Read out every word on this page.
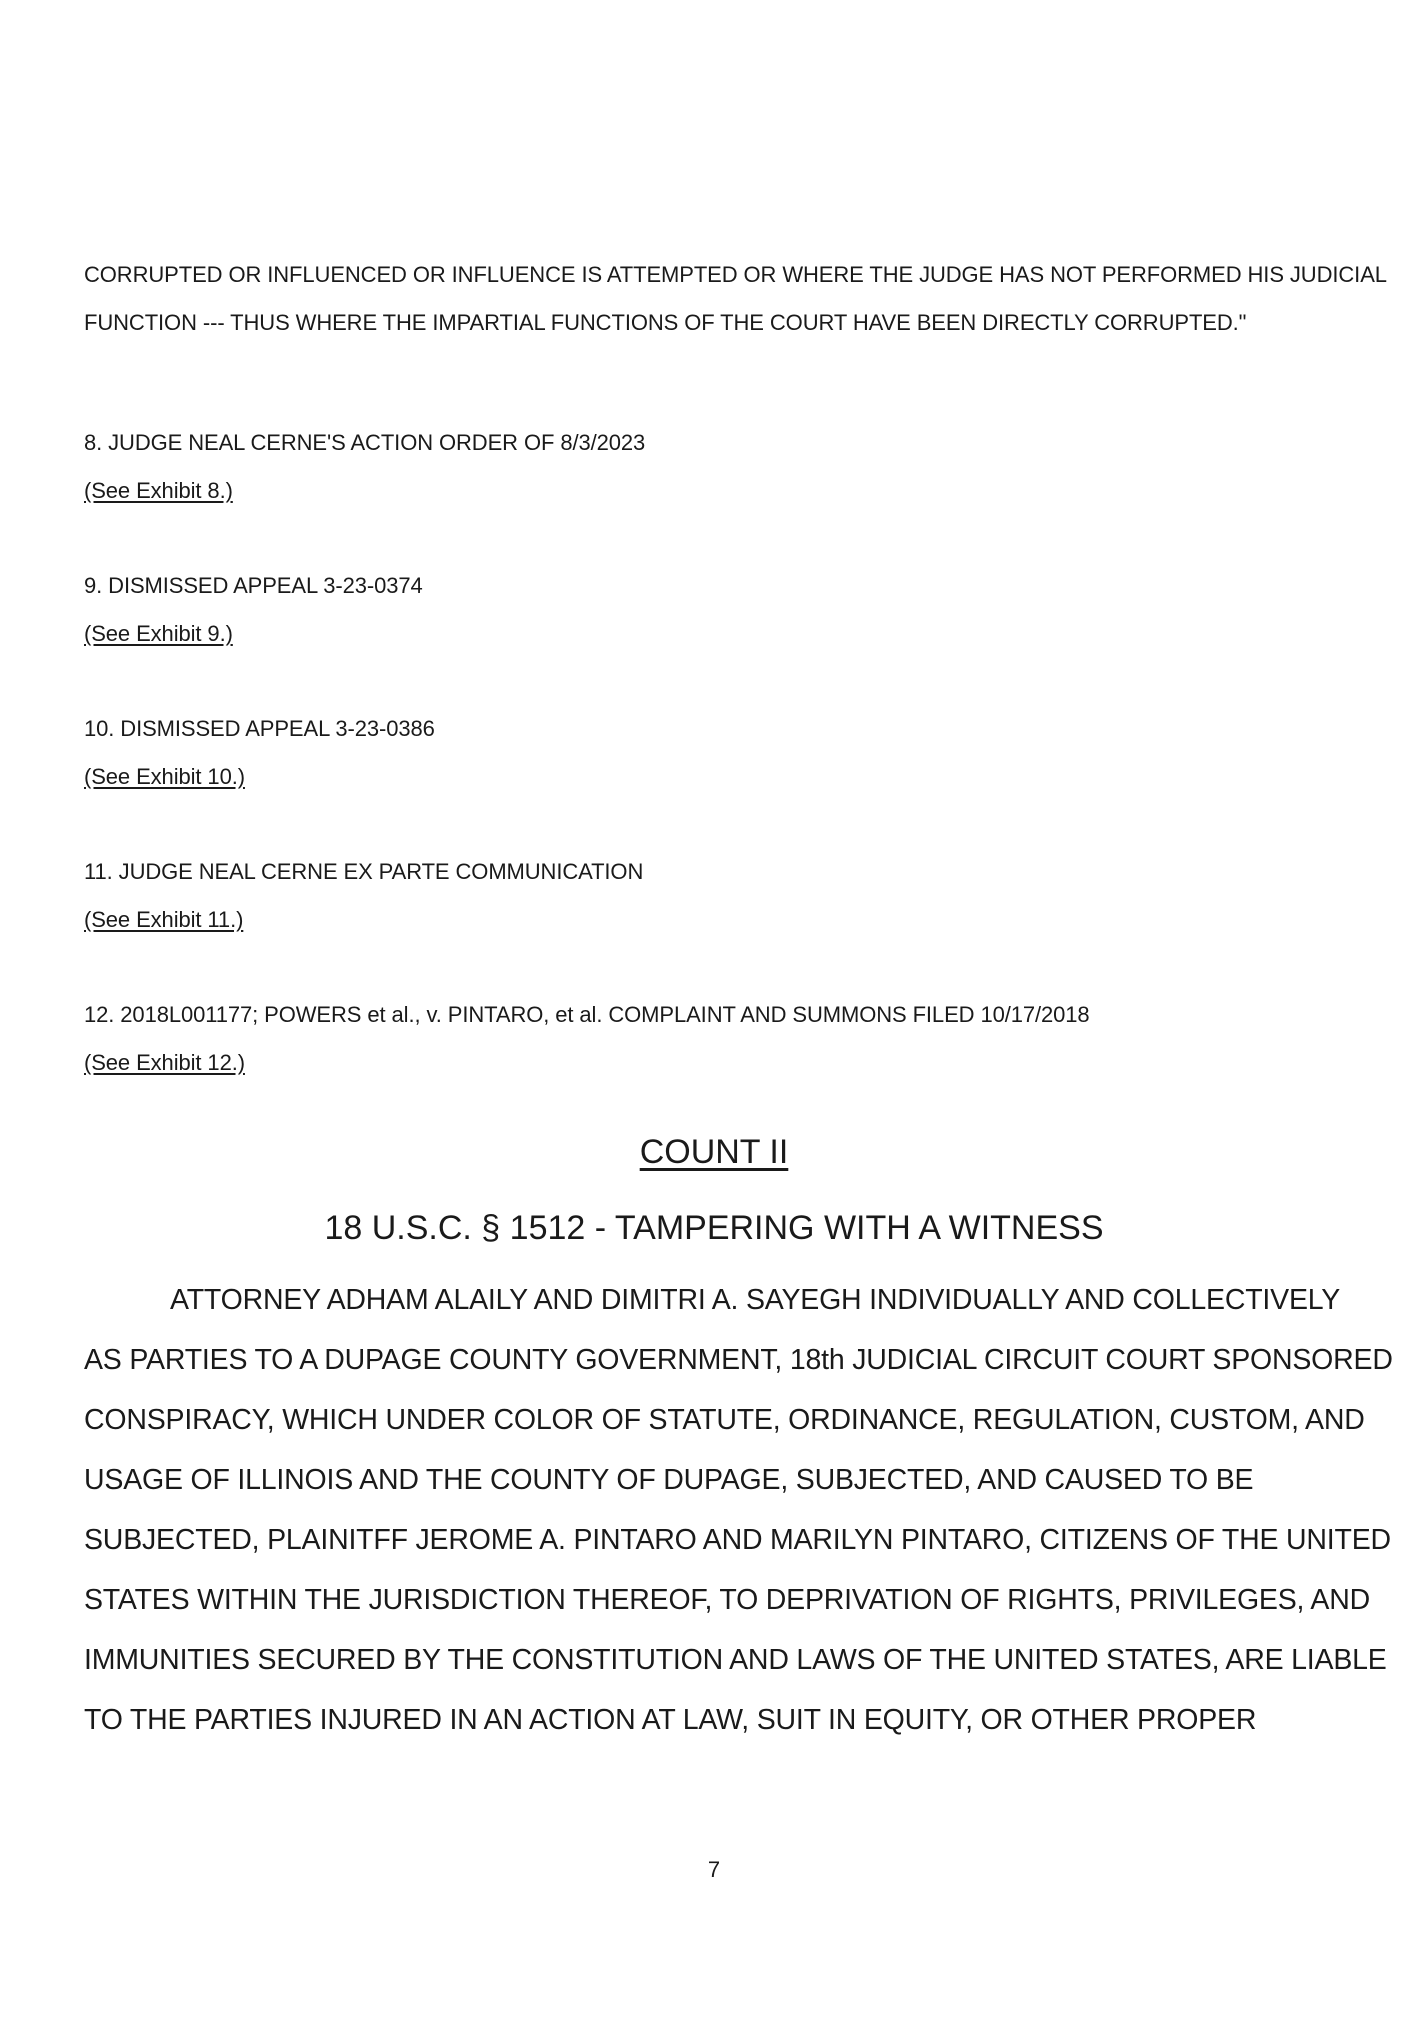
CORRUPTED OR INFLUENCED OR INFLUENCE IS ATTEMPTED OR WHERE THE JUDGE HAS NOT PERFORMED HIS JUDICIAL
FUNCTION --- THUS WHERE THE IMPARTIAL FUNCTIONS OF THE COURT HAVE BEEN DIRECTLY CORRUPTED."
8. JUDGE NEAL CERNE'S ACTION ORDER OF 8/3/2023
(See Exhibit 8.)
9. DISMISSED APPEAL 3-23-0374
(See Exhibit 9.)
10. DISMISSED APPEAL 3-23-0386
(See Exhibit 10.)
11. JUDGE NEAL CERNE EX PARTE COMMUNICATION
(See Exhibit 11.)
12. 2018L001177; POWERS et al., v. PINTARO, et al. COMPLAINT AND SUMMONS FILED 10/17/2018
(See Exhibit 12.)
COUNT II
18 U.S.C. § 1512 - TAMPERING WITH A WITNESS
ATTORNEY ADHAM ALAILY AND DIMITRI A. SAYEGH INDIVIDUALLY AND COLLECTIVELY
AS PARTIES TO A DUPAGE COUNTY GOVERNMENT, 18th JUDICIAL CIRCUIT COURT SPONSORED
CONSPIRACY, WHICH UNDER COLOR OF STATUTE, ORDINANCE, REGULATION, CUSTOM, AND
USAGE OF ILLINOIS AND THE COUNTY OF DUPAGE, SUBJECTED, AND CAUSED TO BE
SUBJECTED, PLAINITFF JEROME A. PINTARO AND MARILYN PINTARO, CITIZENS OF THE UNITED
STATES WITHIN THE JURISDICTION THEREOF, TO DEPRIVATION OF RIGHTS, PRIVILEGES, AND
IMMUNITIES SECURED BY THE CONSTITUTION AND LAWS OF THE UNITED STATES, ARE LIABLE
TO THE PARTIES INJURED IN AN ACTION AT LAW, SUIT IN EQUITY, OR OTHER PROPER
7
